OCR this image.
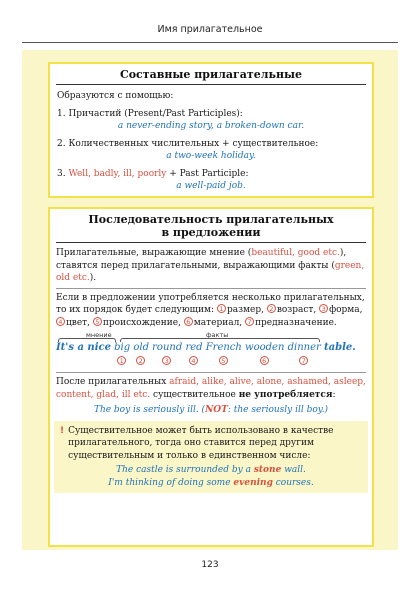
Имя прилагательное
Составные прилагательные
Образуются с помощью:
1. Причастий (Present/Past Participles):
a never-ending story, a broken-down car.
2. Количественных числительных + существительное:
a two-week holiday.
3. Well, badly, ill, poorly + Past Participle:
a well-paid job.
Последовательность прилагательных
в предложении
Прилагательные, выражающие мнение (beautiful, good etc.), ставятся перед прилагательными, выражающими факты (green, old etc.).
Если в предложении употребляется несколько прилагательных, то их порядок будет следующим: 1 размер, 2 возраст, 3 форма, 4 цвет, 5 происхождение, 6 материал, 7 предназначение.
мнение	факты
It's a nice big old round red French wooden dinner table.
1	2	3	4	5	6	7
После прилагательных afraid, alike, alive, alone, ashamed, asleep, content, glad, ill etc. существительное не употребляется:
The boy is seriously ill. (NOT: the seriously ill boy.)
! Существительное может быть использовано в качестве прилагательного, тогда оно ставится перед другим существительным и только в единственном числе:
The castle is surrounded by a stone wall.
I'm thinking of doing some evening courses.
123
